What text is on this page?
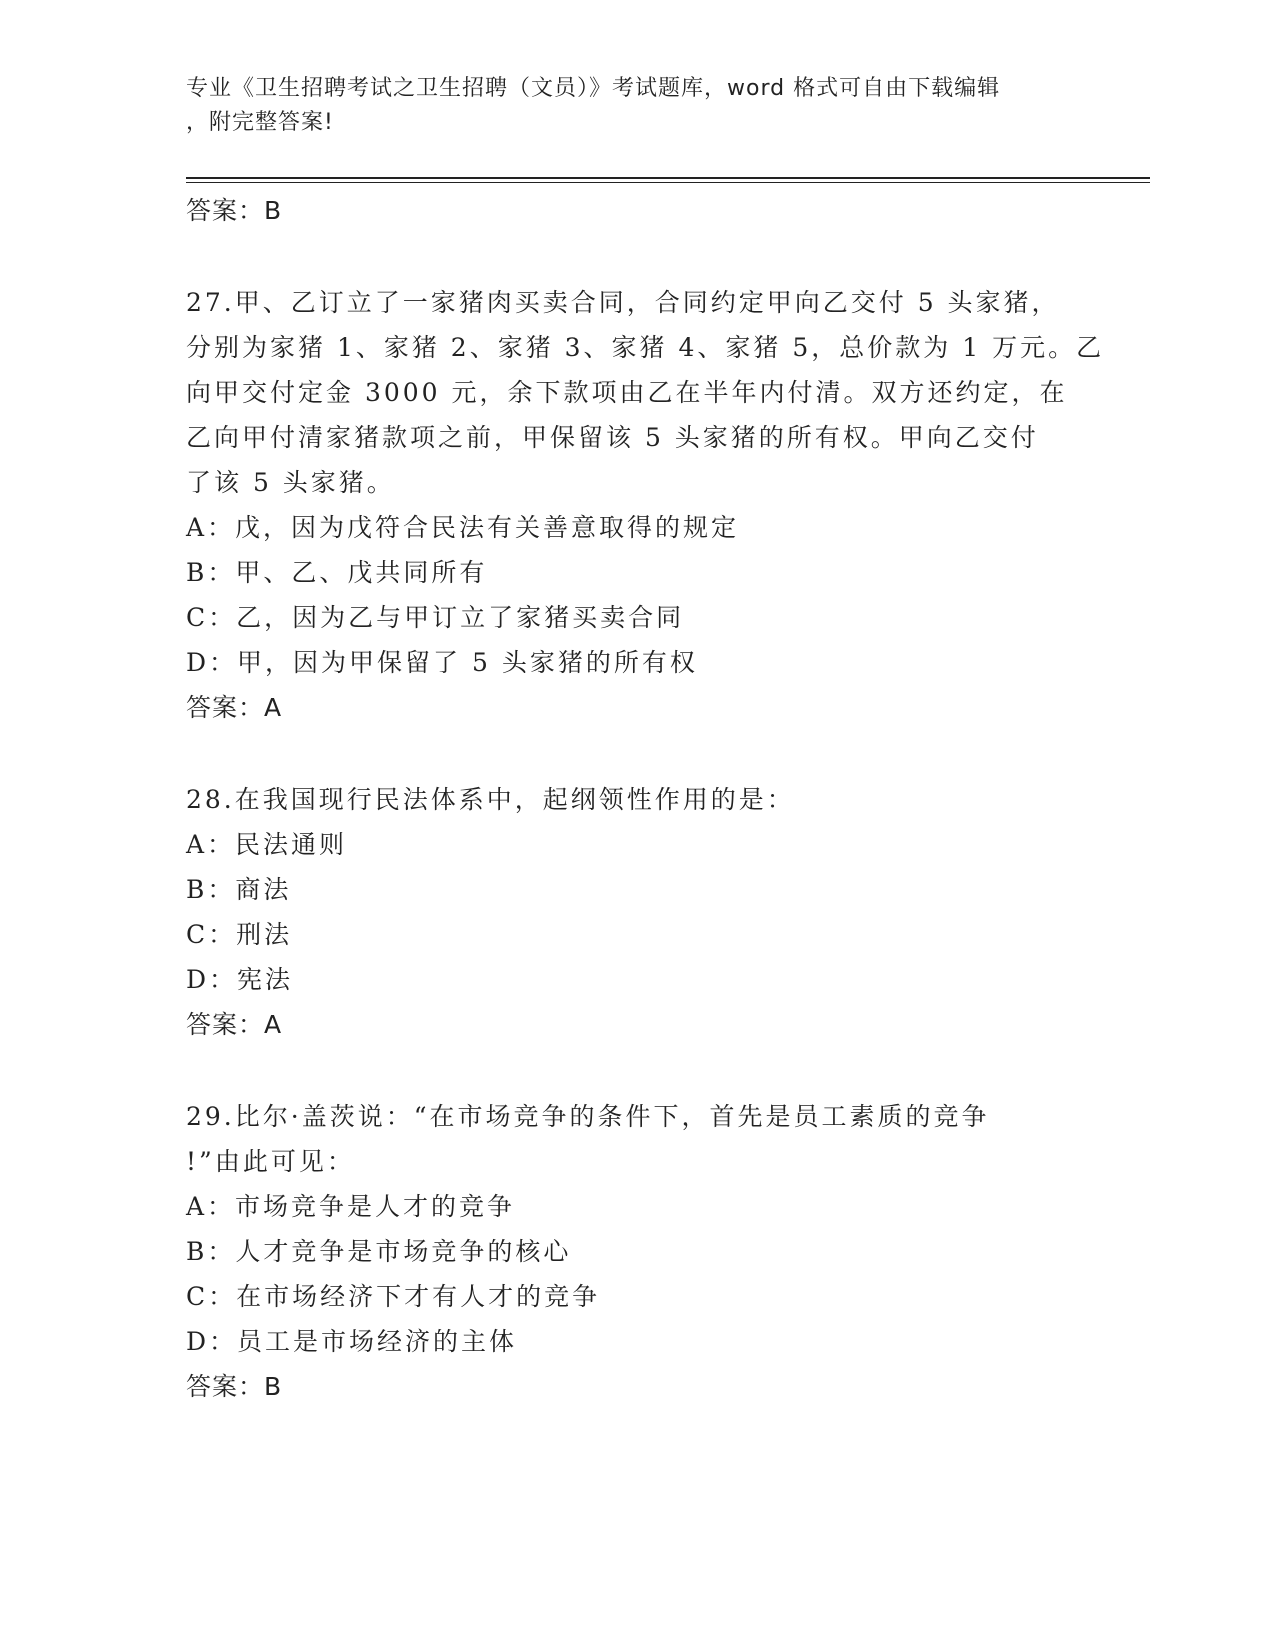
专业《卫生招聘考试之卫生招聘（文员）》考试题库，word 格式可自由下载编辑
，附完整答案!
答案：B
27.甲、乙订立了一家猪肉买卖合同，合同约定甲向乙交付 5 头家猪，
分别为家猪 1、家猪 2、家猪 3、家猪 4、家猪 5，总价款为 1 万元。乙
向甲交付定金 3000 元，余下款项由乙在半年内付清。双方还约定，在
乙向甲付清家猪款项之前，甲保留该 5 头家猪的所有权。甲向乙交付
了该 5 头家猪。
A：戊，因为戊符合民法有关善意取得的规定
B：甲、乙、戊共同所有
C：乙，因为乙与甲订立了家猪买卖合同
D：甲，因为甲保留了 5 头家猪的所有权
答案：A
28.在我国现行民法体系中，起纲领性作用的是：
A：民法通则
B：商法
C：刑法
D：宪法
答案：A
29.比尔·盖茨说：“在市场竞争的条件下，首先是员工素质的竞争
!”由此可见：
A：市场竞争是人才的竞争
B：人才竞争是市场竞争的核心
C：在市场经济下才有人才的竞争
D：员工是市场经济的主体
答案：B
